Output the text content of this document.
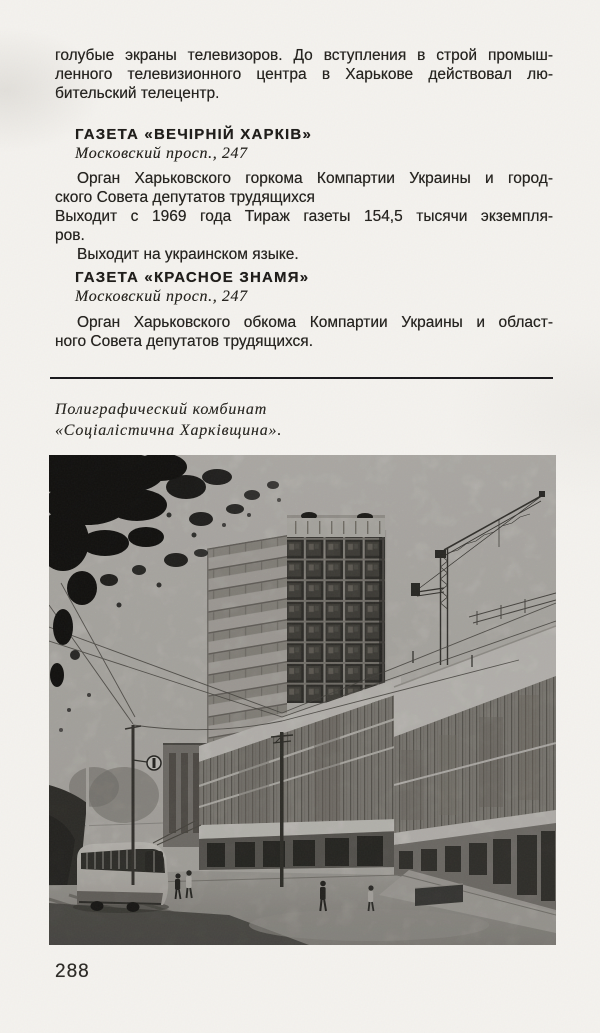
голубые экраны телевизоров. До вступления в строй промыш-
ленного телевизионного центра в Харькове действовал лю-
бительский телецентр.

ГАЗЕТА «ВЕЧІРНІЙ ХАРКІВ»
Московский просп., 247

Орган Харьковского горкома Компартии Украины и город-
ского Совета депутатов трудящихся

Выходит с 1969 года Тираж газеты 154,5 тысячи экземпля-
ров.

Выходит на украинском языке.

ГАЗЕТА «КРАСНОЕ ЗНАМЯ»
Московский просп., 247

Орган Харьковского обкома Компартии Украины и област-
ного Совета депутатов трудящихся.

Полиграфический комбинат
«Соціалістична Харківщина».
288
